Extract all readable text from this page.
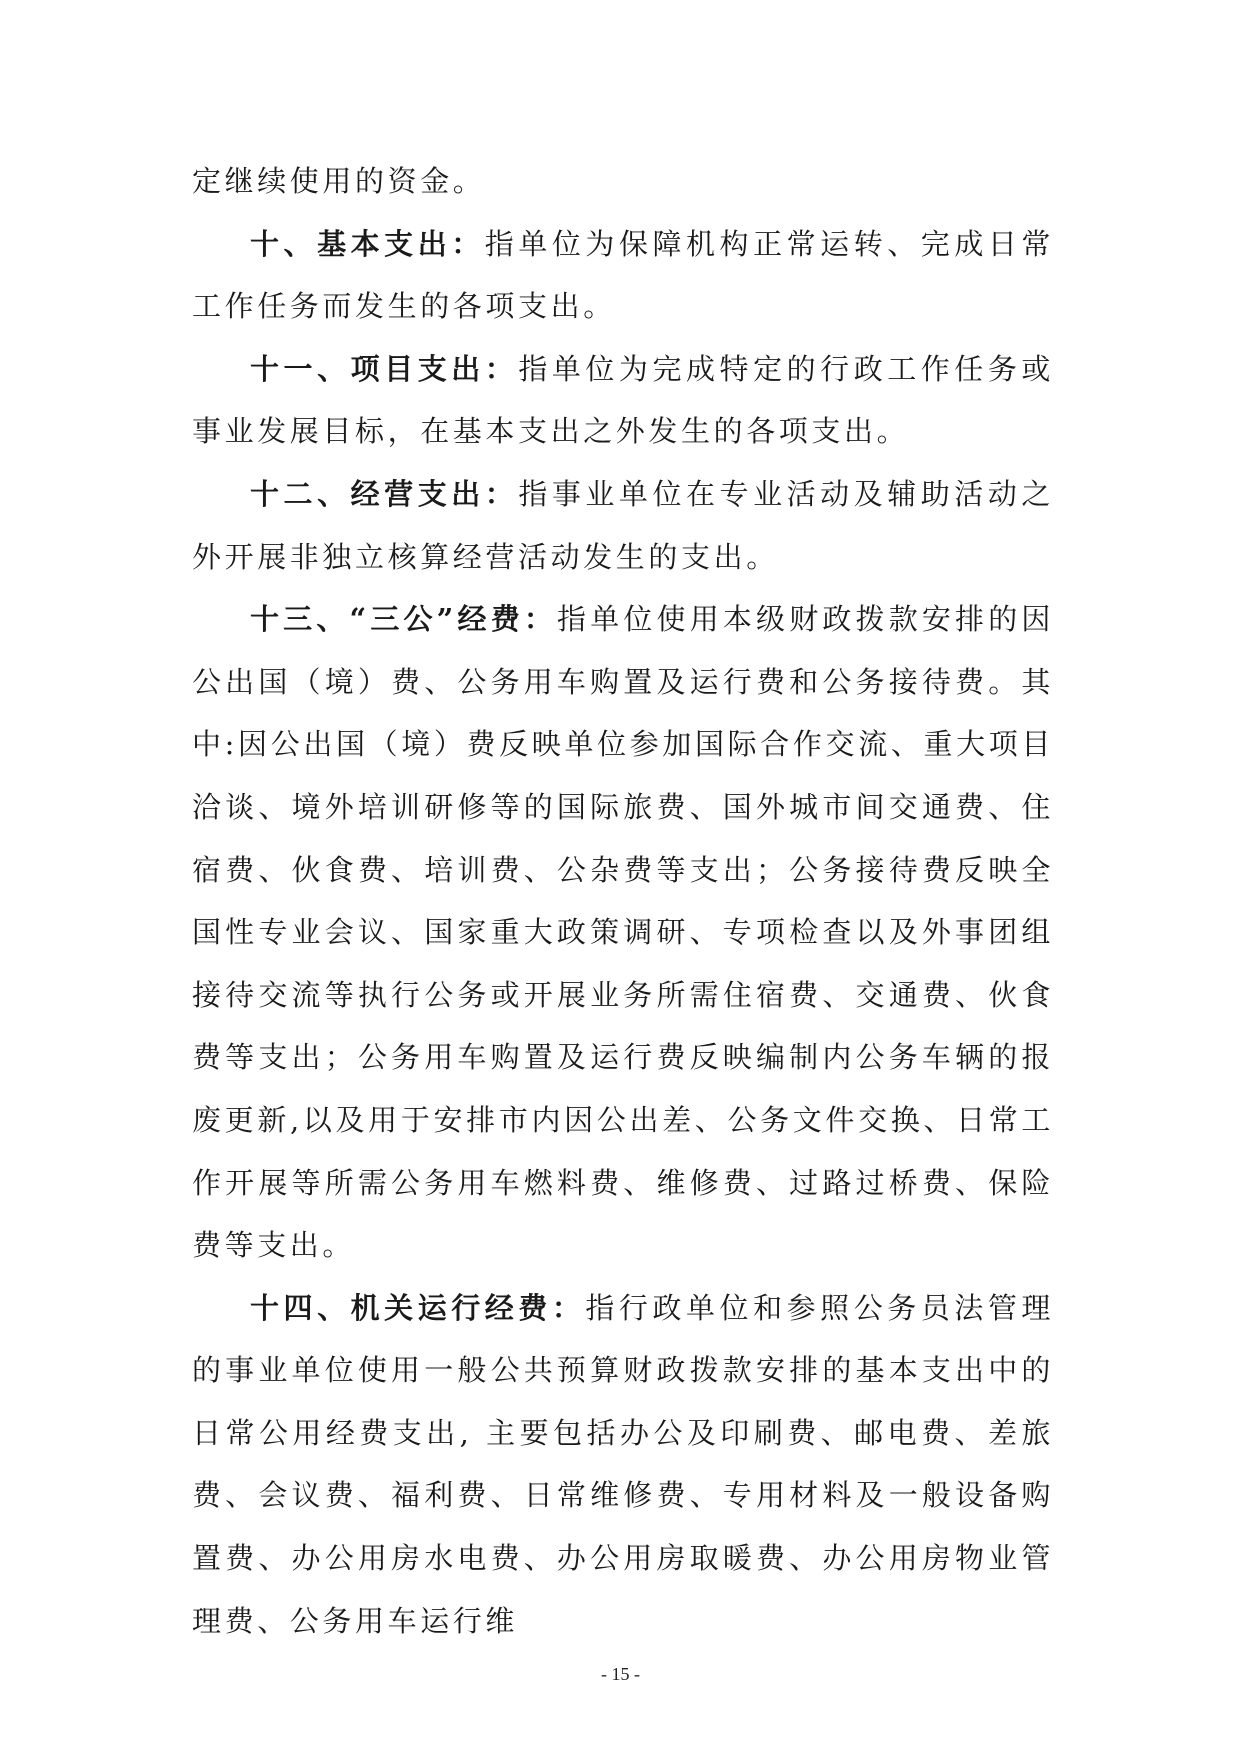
定继续使用的资金。

十、基本支出：指单位为保障机构正常运转、完成日常工作任务而发生的各项支出。

十一、项目支出：指单位为完成特定的行政工作任务或事业发展目标，在基本支出之外发生的各项支出。

十二、经营支出：指事业单位在专业活动及辅助活动之外开展非独立核算经营活动发生的支出。

十三、“三公”经费：指单位使用本级财政拨款安排的因公出国（境）费、公务用车购置及运行费和公务接待费。其中:因公出国（境）费反映单位参加国际合作交流、重大项目洽谈、境外培训研修等的国际旅费、国外城市间交通费、住宿费、伙食费、培训费、公杂费等支出；公务接待费反映全国性专业会议、国家重大政策调研、专项检查以及外事团组接待交流等执行公务或开展业务所需住宿费、交通费、伙食费等支出；公务用车购置及运行费反映编制内公务车辆的报废更新,以及用于安排市内因公出差、公务文件交换、日常工作开展等所需公务用车燃料费、维修费、过路过桥费、保险费等支出。

十四、机关运行经费：指行政单位和参照公务员法管理的事业单位使用一般公共预算财政拨款安排的基本支出中的日常公用经费支出, 主要包括办公及印刷费、邮电费、差旅费、会议费、福利费、日常维修费、专用材料及一般设备购置费、办公用房水电费、办公用房取暖费、办公用房物业管理费、公务用车运行维

- 15 -
